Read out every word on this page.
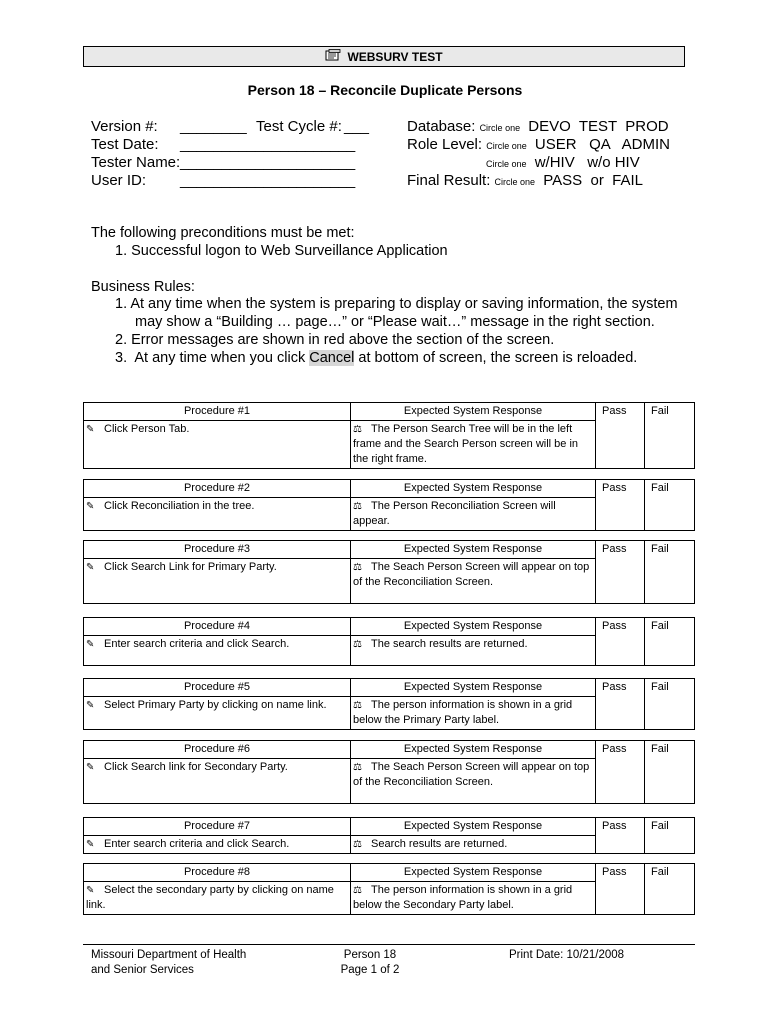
WEBSURV TEST
Person 18 – Reconcile Duplicate Persons
Version #: ________ Test Cycle #: ___
Test Date: _____________________
Tester Name: _____________________
User ID: _____________________
Database: Circle one DEVO  TEST  PROD
Role Level: Circle one USER   QA   ADMIN
Circle one w/HIV   w/o HIV
Final Result: Circle one PASS  or  FAIL
The following preconditions must be met:
1. Successful logon to Web Surveillance Application
Business Rules:
1. At any time when the system is preparing to display or saving information, the system
may show a “Building … page…” or “Please wait…” message in the right section.
2. Error messages are shown in red above the section of the screen.
3.  At any time when you click Cancel at bottom of screen, the screen is reloaded.
Procedure #1	Expected System Response	Pass	Fail
✎ Click Person Tab.	⚖ The Person Search Tree will be in the left frame and the Search Person screen will be in the right frame.		
Procedure #2	Expected System Response	Pass	Fail
✎ Click Reconciliation in the tree.	⚖ The Person Reconciliation Screen will appear.		
Procedure #3	Expected System Response	Pass	Fail
✎ Click Search Link for Primary Party.	⚖ The Seach Person Screen will appear on top of the Reconciliation Screen.		
Procedure #4	Expected System Response	Pass	Fail
✎ Enter search criteria and click Search.	⚖ The search results are returned.		
Procedure #5	Expected System Response	Pass	Fail
✎ Select Primary Party by clicking on name link.	⚖ The person information is shown in a grid below the Primary Party label.		
Procedure #6	Expected System Response	Pass	Fail
✎ Click Search link for Secondary Party.	⚖ The Seach Person Screen will appear on top of the Reconciliation Screen.		
Procedure #7	Expected System Response	Pass	Fail
✎ Enter search criteria and click Search.	⚖ Search results are returned.		
Procedure #8	Expected System Response	Pass	Fail
✎ Select the secondary party by clicking on name link.	⚖ The person information is shown in a grid below the Secondary Party label.		
Missouri Department of Health
and Senior Services
Person 18
Page 1 of 2
Print Date: 10/21/2008
